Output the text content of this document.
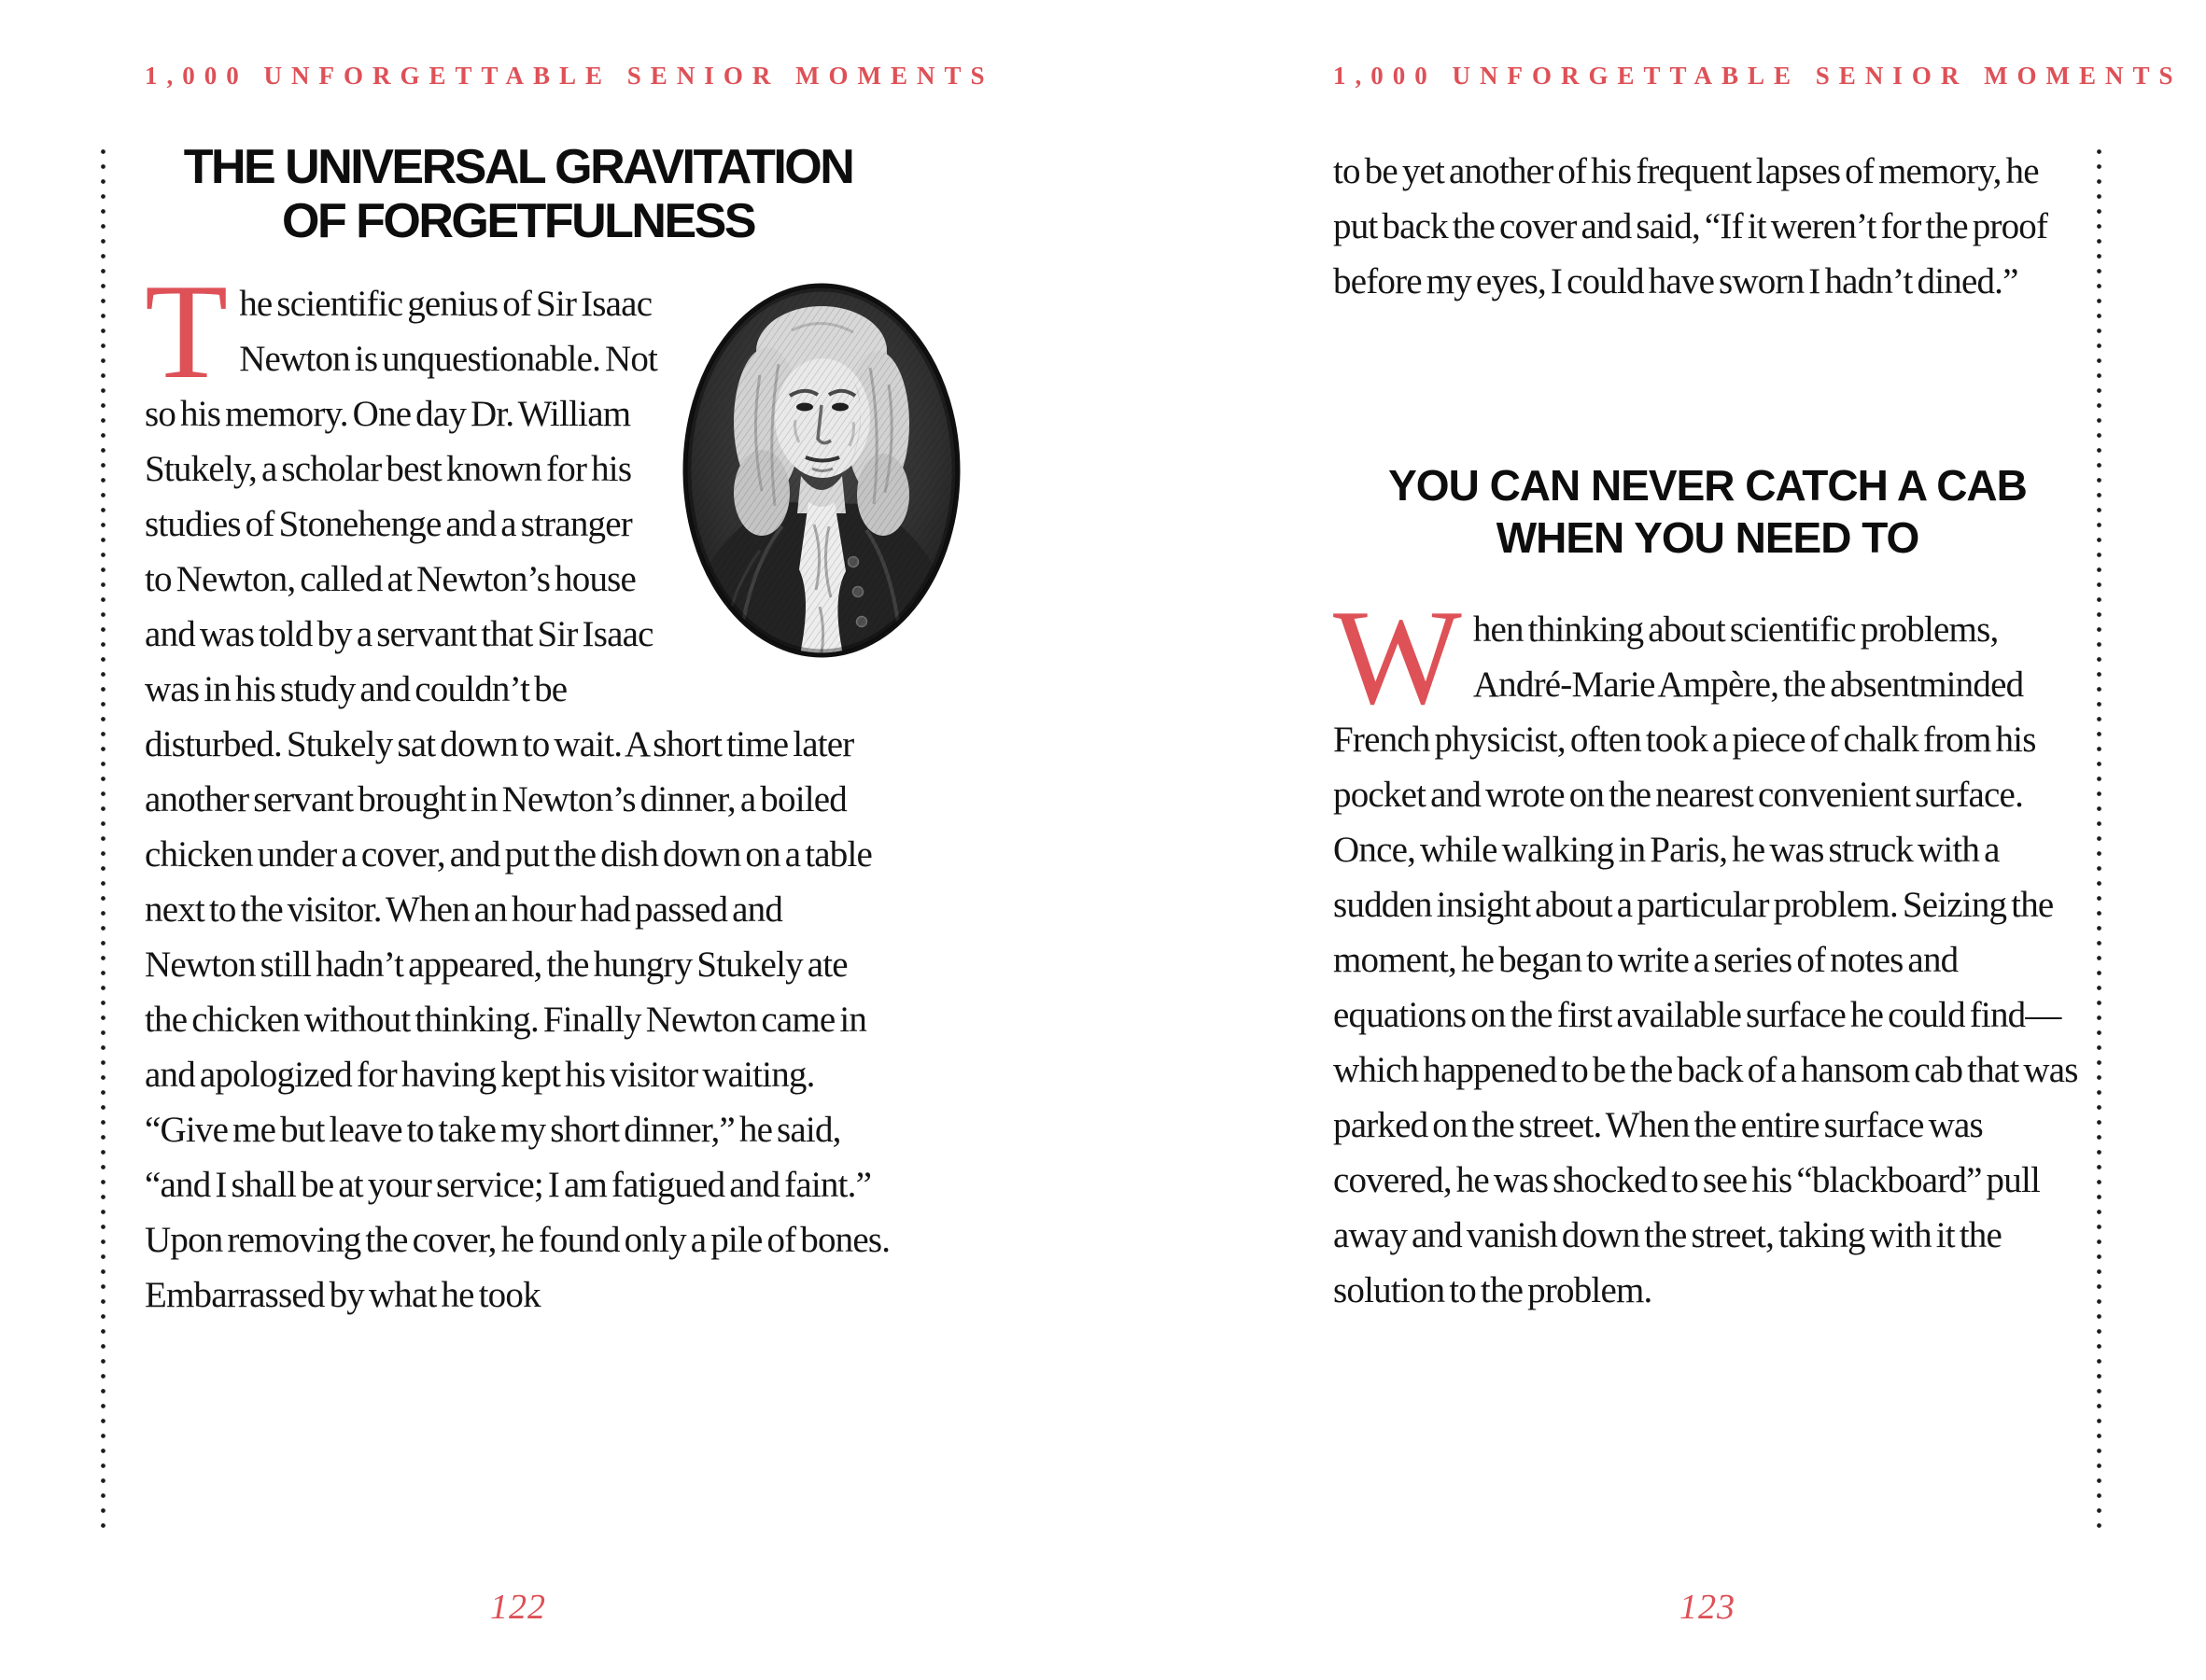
1,000 UNFORGETTABLE SENIOR MOMENTS
THE UNIVERSAL GRAVITATION
OF FORGETFULNESS

T he scientific genius of Sir Isaac Newton is unquestionable. Not so his memory. One day Dr. William Stukely, a scholar best known for his studies of Stonehenge and a stranger to Newton, called at Newton’s house and was told by a servant that Sir Isaac was in his study and couldn’t be disturbed. Stukely sat down to wait. A short time later another servant brought in Newton’s dinner, a boiled chicken under a cover, and put the dish down on a table next to the visitor. When an hour had passed and Newton still hadn’t appeared, the hungry Stukely ate the chicken without thinking. Finally Newton came in and apologized for having kept his visitor waiting. “Give me but leave to take my short dinner,” he said, “and I shall be at your service; I am fatigued and faint.” Upon removing the cover, he found only a pile of bones. Embarrassed by what he took

122
1,000 UNFORGETTABLE SENIOR MOMENTS

to be yet another of his frequent lapses of memory, he put back the cover and said, “If it weren’t for the proof before my eyes, I could have sworn I hadn’t dined.”

YOU CAN NEVER CATCH A CAB
WHEN YOU NEED TO

W hen thinking about scientific problems, André-Marie Ampère, the absentminded French physicist, often took a piece of chalk from his pocket and wrote on the nearest convenient surface. Once, while walking in Paris, he was struck with a sudden insight about a particular problem. Seizing the moment, he began to write a series of notes and equations on the first available surface he could find—which happened to be the back of a hansom cab that was parked on the street. When the entire surface was covered, he was shocked to see his “blackboard” pull away and vanish down the street, taking with it the solution to the problem.

123
